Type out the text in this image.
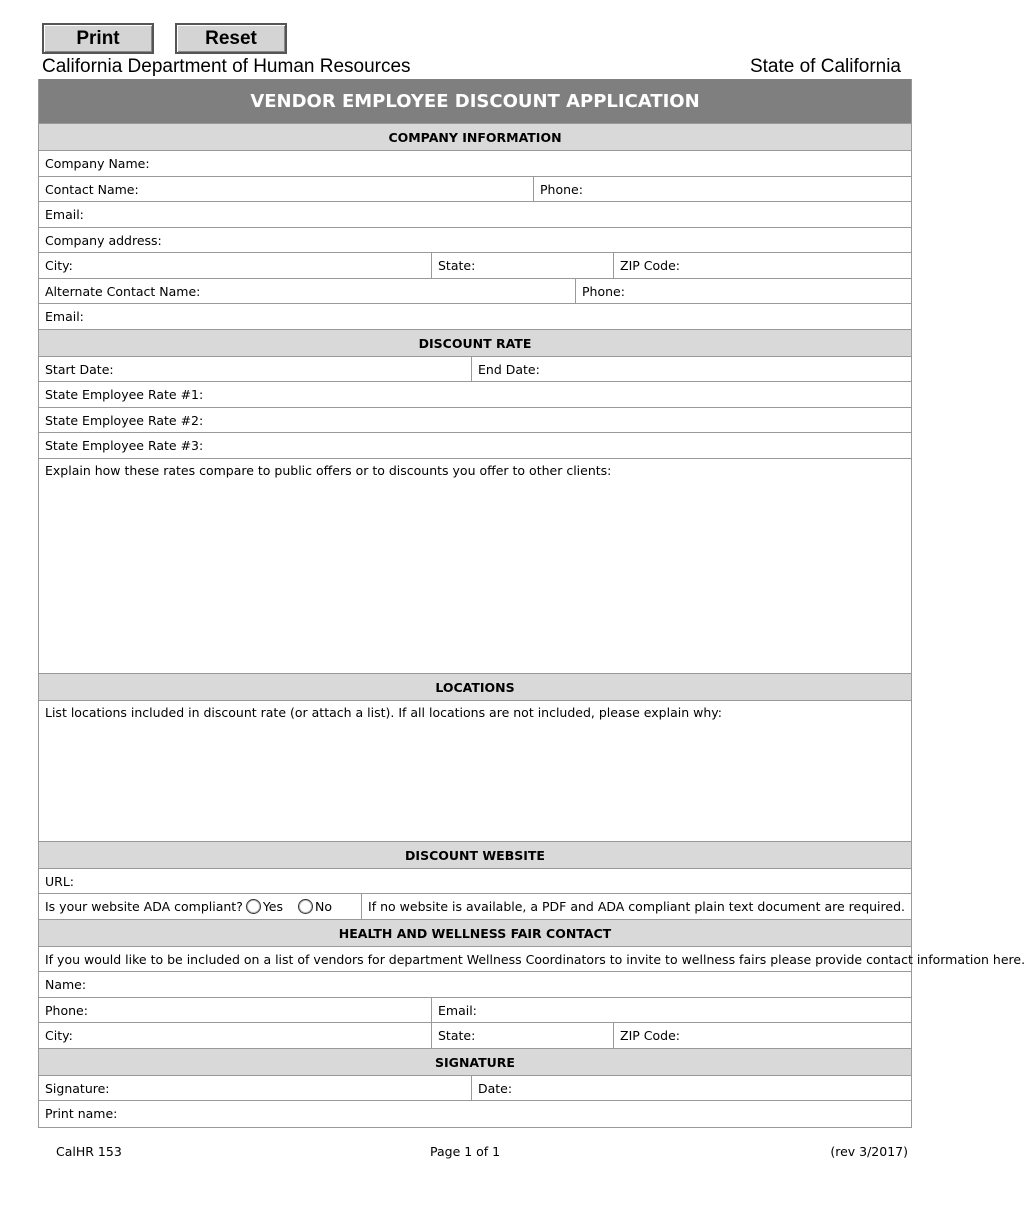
Print	Reset
California Department of Human Resources	State of California
VENDOR EMPLOYEE DISCOUNT APPLICATION
COMPANY INFORMATION
Company Name:
Contact Name:	Phone:
Email:
Company address:
City:	State:	ZIP Code:
Alternate Contact Name:	Phone:
Email:
DISCOUNT RATE
Start Date:	End Date:
State Employee Rate #1:
State Employee Rate #2:
State Employee Rate #3:
Explain how these rates compare to public offers or to discounts you offer to other clients:
LOCATIONS
List locations included in discount rate (or attach a list). If all locations are not included, please explain why:
DISCOUNT WEBSITE
URL:
Is your website ADA compliant? Yes	No	If no website is available, a PDF and ADA compliant plain text document are required.
HEALTH AND WELLNESS FAIR CONTACT
If you would like to be included on a list of vendors for department Wellness Coordinators to invite to wellness fairs please provide contact information here.
Name:
Phone:	Email:
City:	State:	ZIP Code:
SIGNATURE
Signature:	Date:
Print name:
CalHR 153	Page 1 of 1	(rev 3/2017)
